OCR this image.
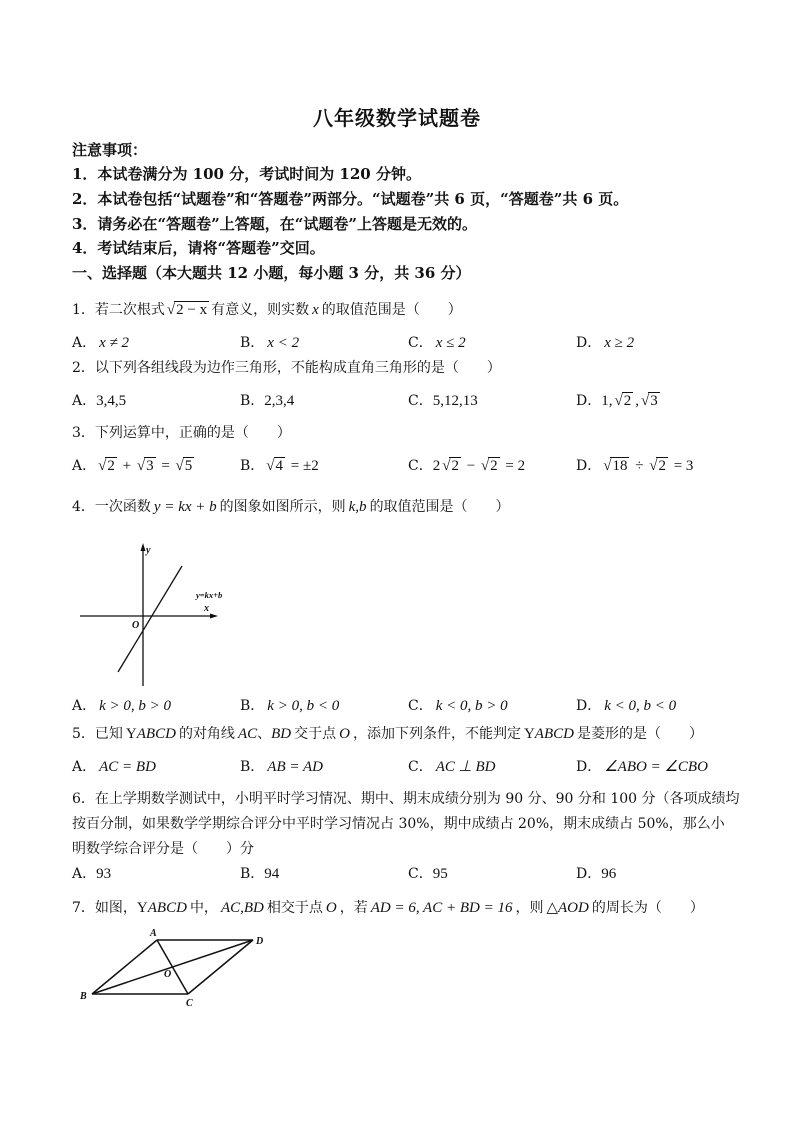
八年级数学试题卷
注意事项：
1．本试卷满分为 100 分，考试时间为 120 分钟。
2．本试卷包括“试题卷”和“答题卷”两部分。“试题卷”共 6 页，“答题卷”共 6 页。
3．请务必在“答题卷”上答题，在“试题卷”上答题是无效的。
4．考试结束后，请将“答题卷”交回。
一、选择题（本大题共 12 小题，每小题 3 分，共 36 分）
1．若二次根式 √2 − x 有意义，则实数 x 的取值范围是（　　）
A． x ≠ 2	B． x < 2	C． x ≤ 2	D． x ≥ 2
2．以下列各组线段为边作三角形，不能构成直角三角形的是（　　）
A．3,4,5	B．2,3,4	C．5,12,13	D．1, √2 , √3
3．下列运算中，正确的是（　　）
A． √2 + √3 = √5	B． √4 = ±2	C．2 √2 − √2 = 2	D． √18 ÷ √2 = 3
4．一次函数 y = kx + b 的图象如图所示，则 k,b 的取值范围是（　　）
y
x
O
y=kx+b
A． k > 0, b > 0	B． k > 0, b < 0	C． k < 0, b > 0	D． k < 0, b < 0
5．已知 YABCD 的对角线 AC、BD 交于点 O ，添加下列条件，不能判定 YABCD 是菱形的是（　　）
A． AC = BD	B． AB = AD	C． AC ⊥ BD	D． ∠ABO = ∠CBO
6．在上学期数学测试中，小明平时学习情况、期中、期末成绩分别为 90 分、90 分和 100 分（各项成绩均
按百分制，如果数学学期综合评分中平时学习情况占 30%，期中成绩占 20%，期末成绩占 50%，那么小
明数学综合评分是（　　）分
A．93	B．94	C．95	D．96
7．如图，YABCD 中， AC,BD 相交于点 O ，若 AD = 6, AC + BD = 16 ，则 △AOD 的周长为（　　）
A
D
B
C
O
